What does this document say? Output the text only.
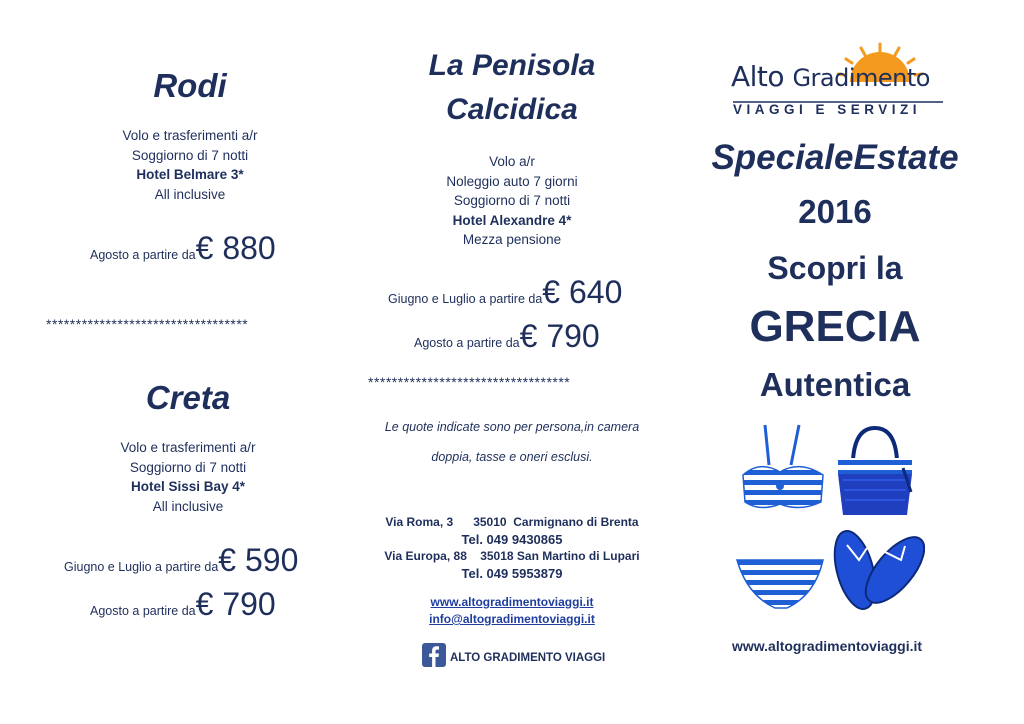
Rodi
Volo e trasferimenti a/r
Soggiorno di 7 notti
Hotel Belmare 3*
All inclusive
Agosto a partire da€ 880
**********************************
Creta
Volo e trasferimenti a/r
Soggiorno di 7 notti
Hotel Sissi Bay 4*
All inclusive
Giugno e Luglio a partire da€ 590
Agosto a partire da€ 790
La Penisola
Calcidica
Volo a/r
Noleggio auto 7 giorni
Soggiorno di 7 notti
Hotel Alexandre 4*
Mezza pensione
Giugno e Luglio a partire da€ 640
Agosto a partire da€ 790
**********************************
Le quote indicate sono per persona,in camera
doppia, tasse e oneri esclusi.
Via Roma, 3      35010  Carmignano di Brenta
Tel. 049 9430865
Via Europa, 88    35018 San Martino di Lupari
Tel. 049 5953879
www.altogradimentoviaggi.it
info@altogradimentoviaggi.it
ALTO GRADIMENTO VIAGGI
Alto Gradimento
VIAGGI E SERVIZI
SpecialeEstate
2016
Scopri la
GRECIA
Autentica
www.altogradimentoviaggi.it
